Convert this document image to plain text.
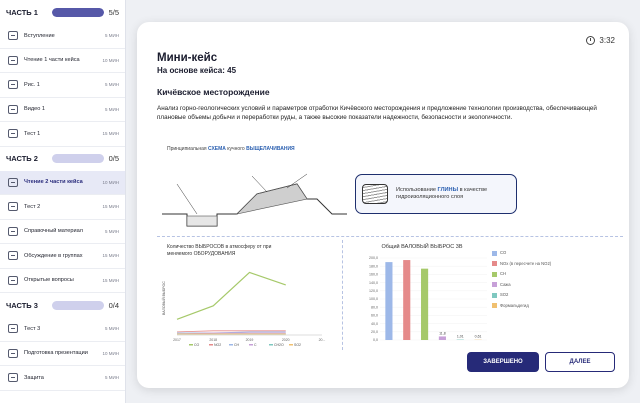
ЧАСТЬ 1	5/5
Вступление	5 МИН
Чтение 1 части кейса	10 МИН
Рис. 1	5 МИН
Видео 1	5 МИН
Тест 1	15 МИН
ЧАСТЬ 2	0/5
Чтение 2 части кейса	10 МИН
Тест 2	15 МИН
Справочный материал	5 МИН
Обсуждение в группах	15 МИН
Открытые вопросы	15 МИН
ЧАСТЬ 3	0/4
Тест 3	5 МИН
Подготовка презентации	10 МИН
Защита	5 МИН
3:32
Мини-кейс
На основе кейса: 45
Кичёвское месторождение
Анализ горно-геологических условий и параметров отработки Кичёвского месторождения и предложение технологии производства, обеспечивающей плановые объемы добычи и переработки руды, а также высокие показатели надежности, безопасности и экологичности.
Принципиальная СХЕМА кучного ВЫЩЕЛАЧИВАНИЯ
Использование ГЛИНЫ в качестве гидроизоляционного слоя
Количество ВЫБРОСОВ в атмосферу от при
меняемого ОБОРУДОВАНИЯ
ВАЛОВЫЙ ВЫБРОС
2017	2018	2019	2020	20...
CO	NO2	CH	C	CH2O	SO2
Общий ВАЛОВЫЙ ВЫБРОС 3В
200,0
180,0
160,0
140,0
120,0
100,0
80,0
60,0
40,0
20,0
0,0
11,8
1,01	0,61
CO
NOx (в пересчете на NO2)
CH
Сажа
SO2
Формальдегид
ЗАВЕРШЕНО	ДАЛЕЕ
